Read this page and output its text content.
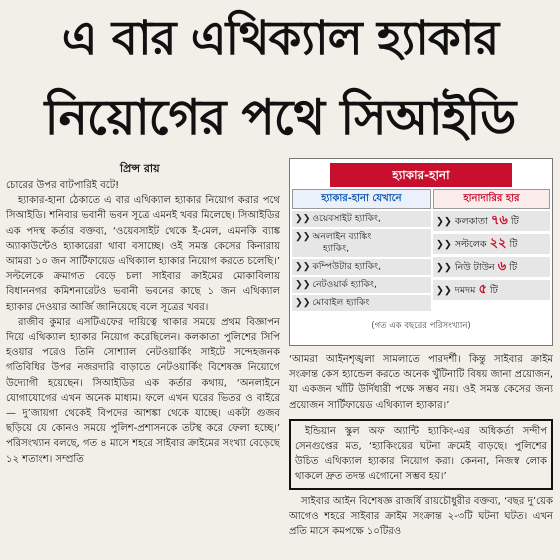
এ বার এথিক্যাল হ্যাকার
নিয়োগের পথে সিআইডি
প্রিন্স রায়

চোরের উপর বাটপারিই বটে!

হ্যাকার-হানা ঠেকাতে এ বার এথিক্যাল হ্যাকার নিয়োগ করার পথে সিআইডি। শনিবার ভবানী ভবন সূত্রে এমনই খবর মিলেছে। সিআইডির এক পদস্থ কর্তার বক্তব্য, ‘ওয়েবসাইট থেকে ই-মেল, এমনকি ব্যাঙ্ক অ্যাকাউন্টেও হ্যাকারেরা থাবা বসাচ্ছে। ওই সমস্ত কেসের কিনারায় আমরা ১০ জন সার্টিফায়েড এথিক্যাল হ্যাকার নিয়োগ করতে চলেছি।’ সল্টলেকে ক্রমাগত বেড়ে চলা সাইবার ক্রাইমের মোকাবিলায় বিধাননগর কমিশনারেটও ভবানী ভবনের কাছে ১ জন এথিক্যাল হ্যাকার দেওয়ার আর্জি জানিয়েছে বলে সূত্রের খবর।

রাজীব কুমার এসটিএফের দায়িত্বে থাকার সময়ে প্রথম বিজ্ঞাপন দিয়ে এথিক্যাল হ্যাকার নিয়োগ করেছিলেন। কলকাতা পুলিশের সিপি হওয়ার পরেও তিনি সোশ্যাল নেটওয়ার্কিং সাইটে সন্দেহজনক গতিবিধির উপর নজরদারি বাড়াতে নেটওয়ার্কিং বিশেষজ্ঞ নিয়োগে উদ্যোগী হয়েছেন। সিআইডির এক কর্তার কথায়, ‘অনলাইনে যোগাযোগের এখন অনেক মাধ্যম। ফলে এখন ঘরের ভিতর ও বাইরে— দু’জায়গা থেকেই বিপদের আশঙ্কা থেকে যাচ্ছে। একটা গুজব ছড়িয়ে যে কোনও সময়ে পুলিশ-প্রশাসনকে তটস্থ করে ফেলা হচ্ছে।’ পরিসংখ্যান বলছে, গত ৪ মাসে শহরে সাইবার ক্রাইমের সংখ্যা বেড়েছে ১২ শতাংশ। সম্প্রতি

হ্যাকার-হানা
হ্যাকার-হানা যেখানে
❯❯ ওয়েবসাইট হ্যাকিং,
❯❯ অনলাইন ব্যাঙ্কিং
হ্যাকিং,
❯❯ কম্পিউটার হ্যাকিং,
❯❯ নেটওয়ার্ক হ্যাকিং,
❯❯ মোবাইল হ্যাকিং
হানাদারির হার
❯❯ কলকাতা ৭৬ টি
❯❯ সল্টলেক ২২ টি
❯❯ নিউ টাউন ৬ টি
❯❯ দমদম ৫ টি
(গত এক বছরের পরিসংখ্যান)

‘আমরা আইনশৃঙ্খলা সামলাতে পারদর্শী। কিন্তু সাইবার ক্রাইম সংক্রান্ত কেস হ্যান্ডেল করতে অনেক খুঁটিনাটি বিষয় জানা প্রয়োজন, যা একজন খাঁটি উর্দিধারী পক্ষে সম্ভব নয়। ওই সমস্ত কেসের জন্য প্রয়োজন সার্টিফায়েড এথিক্যাল হ্যাকার।’

ইন্ডিয়ান স্কুল অফ অ্যান্টি হ্যাকিং-এর অধিকর্তা সন্দীপ সেনগুপ্তের মত, ‘হ্যাকিংয়ের ঘটনা ক্রমেই বাড়ছে। পুলিশের উচিত এথিক্যাল হ্যাকার নিয়োগ করা। কেননা, নিজস্ব লোক থাকলে দ্রুত তদন্ত এগোনো সম্ভব হয়।’

সাইবার আইন বিশেষজ্ঞ রাজর্ষি রায়চৌধুরীর বক্তব্য, ‘বছর দু’য়েক আগেও শহরে সাইবার ক্রাইম সংক্রান্ত ২-৩টি ঘটনা ঘটত। এখন প্রতি মাসে কমপক্ষে ১০টিরও
